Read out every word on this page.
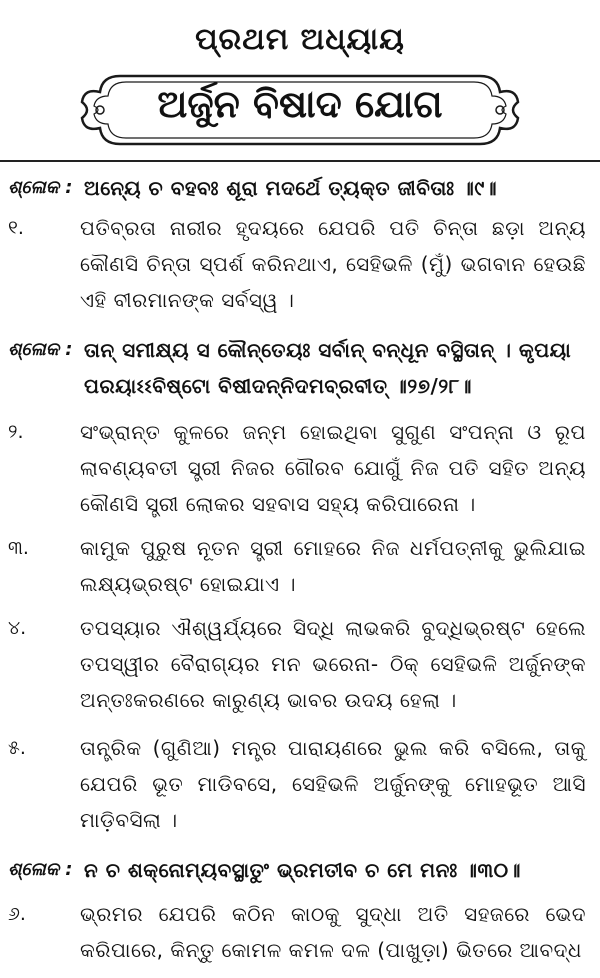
ପ୍ରଥମ ଅଧ୍ୟାୟ
ଅର୍ଜୁନ ବିଷାଦ ଯୋଗ
ଶ୍ଳୋକ : ଅନ୍ୟେ ଚ ବହବଃ ଶୂରା ମଦର୍ଥେ ତ୍ୟକ୍ତ ଜୀବିତାଃ ॥୯॥
୧.	ପତିବ୍ରତା ନାରୀର ହୃଦୟରେ ଯେପରି ପତି ଚିନ୍ତା ଛଡ଼ା ଅନ୍ୟ କୌଣସି ଚିନ୍ତା ସ୍ପର୍ଶ କରିନଥାଏ, ସେହିଭଳି (ମୁଁ) ଭଗବାନ ହେଉଛି ଏହି ବୀରମାନଙ୍କ ସର୍ବସ୍ୱ ।
ଶ୍ଳୋକ : ତାନ୍ ସମୀକ୍ଷ୍ୟ ସ କୌନ୍ତେୟଃ ସର୍ବାନ୍ ବନ୍ଧୂନ ବସ୍ଥିତାନ୍ । କୃପୟା ପରୟାଽଽବିଷ୍ଟୋ ବିଷୀଦନ୍ନିଦମବ୍ରବୀତ୍ ॥୨୭/୨୮॥
୨.	ସଂଭ୍ରାନ୍ତ କୁଳରେ ଜନ୍ମ ହୋଇଥିବା ସୁଗୁଣ ସଂପନ୍ନା ଓ ରୂପ ଲାବଣ୍ୟବତୀ ସ୍ତ୍ରୀ ନିଜର ଗୌରବ ଯୋଗୁଁ ନିଜ ପତି ସହିତ ଅନ୍ୟ କୌଣସି ସ୍ତ୍ରୀ ଲୋକର ସହବାସ ସହ୍ୟ କରିପାରେନା ।
୩.	କାମୁକ ପୁରୁଷ ନୂତନ ସ୍ତ୍ରୀ ମୋହରେ ନିଜ ଧର୍ମପତ୍ନୀକୁ ଭୁଲିଯାଇ ଲକ୍ଷ୍ୟଭ୍ରଷ୍ଟ ହୋଇଯାଏ ।
୪.	ତପସ୍ୟାର ଐଶ୍ୱର୍ଯ୍ୟରେ ସିଦ୍ଧି ଲାଭକରି ବୁଦ୍ଧିଭ୍ରଷ୍ଟ ହେଲେ ତପସ୍ୱୀର ବୈରାଗ୍ୟର ମନ ଭରେନା- ଠିକ୍ ସେହିଭଳି ଅର୍ଜୁନଙ୍କ ଅନ୍ତଃକରଣରେ କାରୁଣ୍ୟ ଭାବର ଉଦୟ ହେଲା ।
୫.	ତାନ୍ତ୍ରିକ (ଗୁଣିଆ) ମନ୍ତ୍ର ପାରାୟଣରେ ଭୁଲ କରି ବସିଲେ, ତାକୁ ଯେପରି ଭୂତ ମାଡିବସେ, ସେହିଭଳି ଅର୍ଜୁନଙ୍କୁ ମୋହଭୂତ ଆସି ମାଡ଼ିବସିଲା ।
ଶ୍ଳୋକ : ନ ଚ ଶକ୍ନୋମ୍ୟବସ୍ଥାତୁଂ ଭ୍ରମତୀବ ଚ ମେ ମନଃ ॥୩୦॥
୬.	ଭ୍ରମର ଯେପରି କଠିନ କାଠକୁ ସୁଦ୍ଧା ଅତି ସହଜରେ ଭେଦ କରିପାରେ, କିନ୍ତୁ କୋମଳ କମଳ ଦଳ (ପାଖୁଡ଼ା) ଭିତରେ ଆବଦ୍ଧ
